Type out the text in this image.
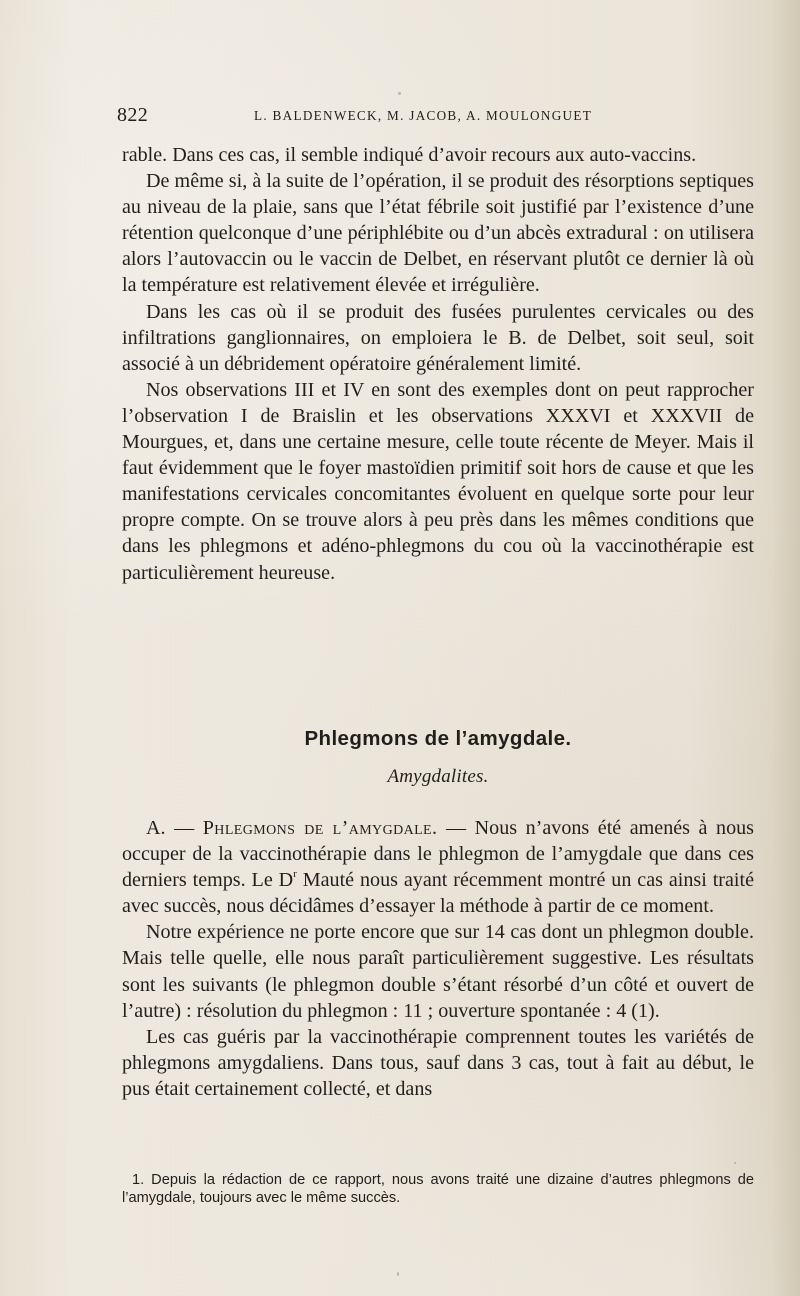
822	L. BALDENWECK, M. JACOB, A. MOULONGUET

rable. Dans ces cas, il semble indiqué d’avoir recours aux auto-vaccins.

De même si, à la suite de l’opération, il se produit des résorptions septiques au niveau de la plaie, sans que l’état fébrile soit justifié par l’existence d’une rétention quelconque d’une périphlébite ou d’un abcès extradural : on utilisera alors l’autovaccin ou le vaccin de Delbet, en réservant plutôt ce dernier là où la température est relativement élevée et irrégulière.

Dans les cas où il se produit des fusées purulentes cervicales ou des infiltrations ganglionnaires, on emploiera le B. de Delbet, soit seul, soit associé à un débridement opératoire généralement limité.

Nos observations III et IV en sont des exemples dont on peut rapprocher l’observation I de Braislin et les observations XXXVI et XXXVII de Mourgues, et, dans une certaine mesure, celle toute récente de Meyer. Mais il faut évidemment que le foyer mastoïdien primitif soit hors de cause et que les manifestations cervicales concomitantes évoluent en quelque sorte pour leur propre compte. On se trouve alors à peu près dans les mêmes conditions que dans les phlegmons et adéno-phlegmons du cou où la vaccinothérapie est particulièrement heureuse.

Phlegmons de l’amygdale.
Amygdalites.

A. — Phlegmons de l’amygdale. — Nous n’avons été amenés à nous occuper de la vaccinothérapie dans le phlegmon de l’amygdale que dans ces derniers temps. Le $D^r$ Mauté nous ayant récemment montré un cas ainsi traité avec succès, nous décidâmes d’essayer la méthode à partir de ce moment.

Notre expérience ne porte encore que sur 14 cas dont un phlegmon double. Mais telle quelle, elle nous paraît particulièrement suggestive. Les résultats sont les suivants (le phlegmon double s’étant résorbé d’un côté et ouvert de l’autre) : résolution du phlegmon : 11 ; ouverture spontanée : 4 (1).

Les cas guéris par la vaccinothérapie comprennent toutes les variétés de phlegmons amygdaliens. Dans tous, sauf dans 3 cas, tout à fait au début, le pus était certainement collecté, et dans

1. Depuis la rédaction de ce rapport, nous avons traité une dizaine d’autres phlegmons de l’amygdale, toujours avec le même succès.
